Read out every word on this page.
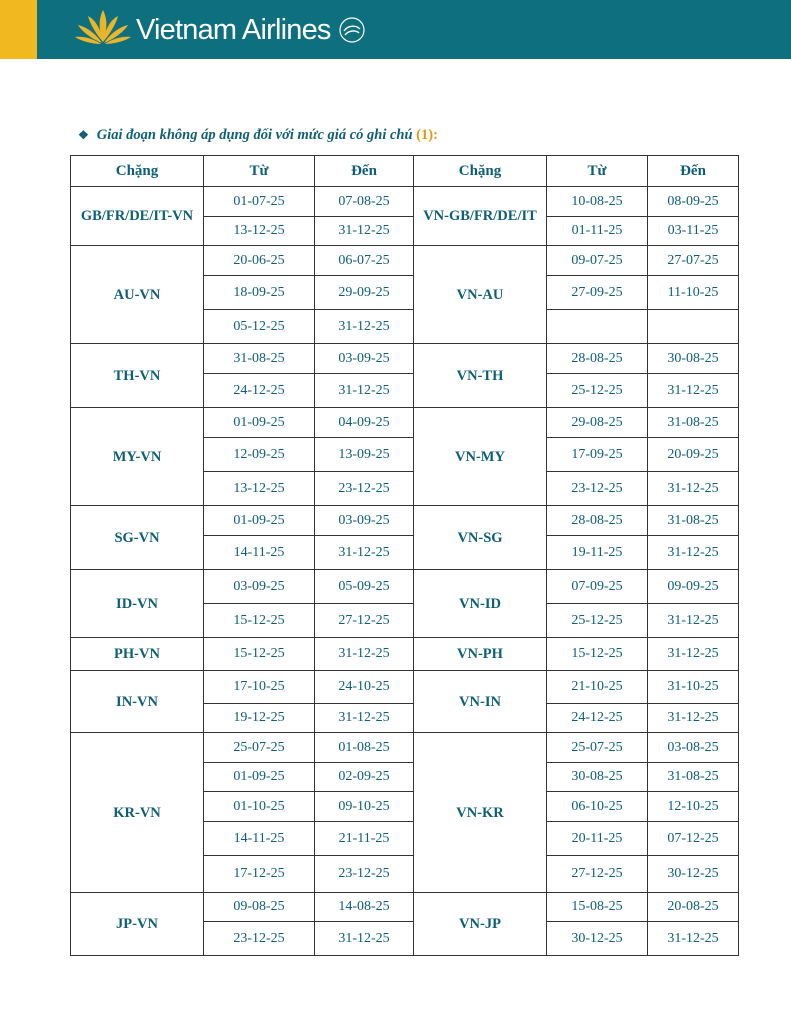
Vietnam Airlines
❖ Giai đoạn không áp dụng đối với mức giá có ghi chú (1):
Chặng	Từ	Đến	Chặng	Từ	Đến
GB/FR/DE/IT-VN	01-07-25	07-08-25	VN-GB/FR/DE/IT	10-08-25	08-09-25
	13-12-25	31-12-25		01-11-25	03-11-25
AU-VN	20-06-25	06-07-25	VN-AU	09-07-25	27-07-25
	18-09-25	29-09-25		27-09-25	11-10-25
	05-12-25	31-12-25			
TH-VN	31-08-25	03-09-25	VN-TH	28-08-25	30-08-25
	24-12-25	31-12-25		25-12-25	31-12-25
MY-VN	01-09-25	04-09-25	VN-MY	29-08-25	31-08-25
	12-09-25	13-09-25		17-09-25	20-09-25
	13-12-25	23-12-25		23-12-25	31-12-25
SG-VN	01-09-25	03-09-25	VN-SG	28-08-25	31-08-25
	14-11-25	31-12-25		19-11-25	31-12-25
ID-VN	03-09-25	05-09-25	VN-ID	07-09-25	09-09-25
	15-12-25	27-12-25		25-12-25	31-12-25
PH-VN	15-12-25	31-12-25	VN-PH	15-12-25	31-12-25
IN-VN	17-10-25	24-10-25	VN-IN	21-10-25	31-10-25
	19-12-25	31-12-25		24-12-25	31-12-25
KR-VN	25-07-25	01-08-25	VN-KR	25-07-25	03-08-25
	01-09-25	02-09-25		30-08-25	31-08-25
	01-10-25	09-10-25		06-10-25	12-10-25
	14-11-25	21-11-25		20-11-25	07-12-25
	17-12-25	23-12-25		27-12-25	30-12-25
JP-VN	09-08-25	14-08-25	VN-JP	15-08-25	20-08-25
	23-12-25	31-12-25		30-12-25	31-12-25
